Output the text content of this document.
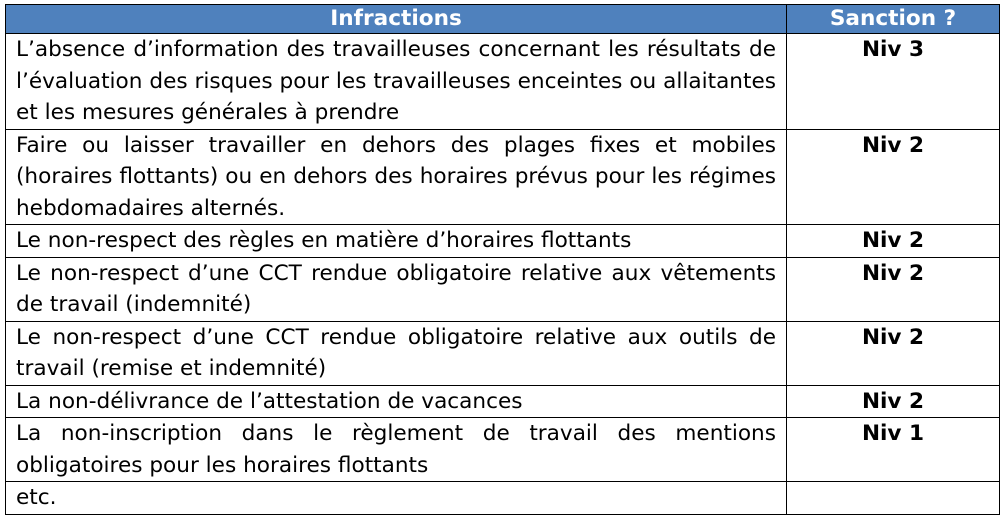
Infractions	Sanction ?
L’absence d’information des travailleuses concernant les résultats de l’évaluation des risques pour les travailleuses enceintes ou allaitantes et les mesures générales à prendre	Niv 3
Faire ou laisser travailler en dehors des plages fixes et mobiles (horaires flottants) ou en dehors des horaires prévus pour les régimes hebdomadaires alternés.	Niv 2
Le non-respect des règles en matière d’horaires flottants	Niv 2
Le non-respect d’une CCT rendue obligatoire relative aux vêtements de travail (indemnité)	Niv 2
Le non-respect d’une CCT rendue obligatoire relative aux outils de travail (remise et indemnité)	Niv 2
La non-délivrance de l’attestation de vacances	Niv 2
La non-inscription dans le règlement de travail des mentions obligatoires pour les horaires flottants	Niv 1
etc.	
